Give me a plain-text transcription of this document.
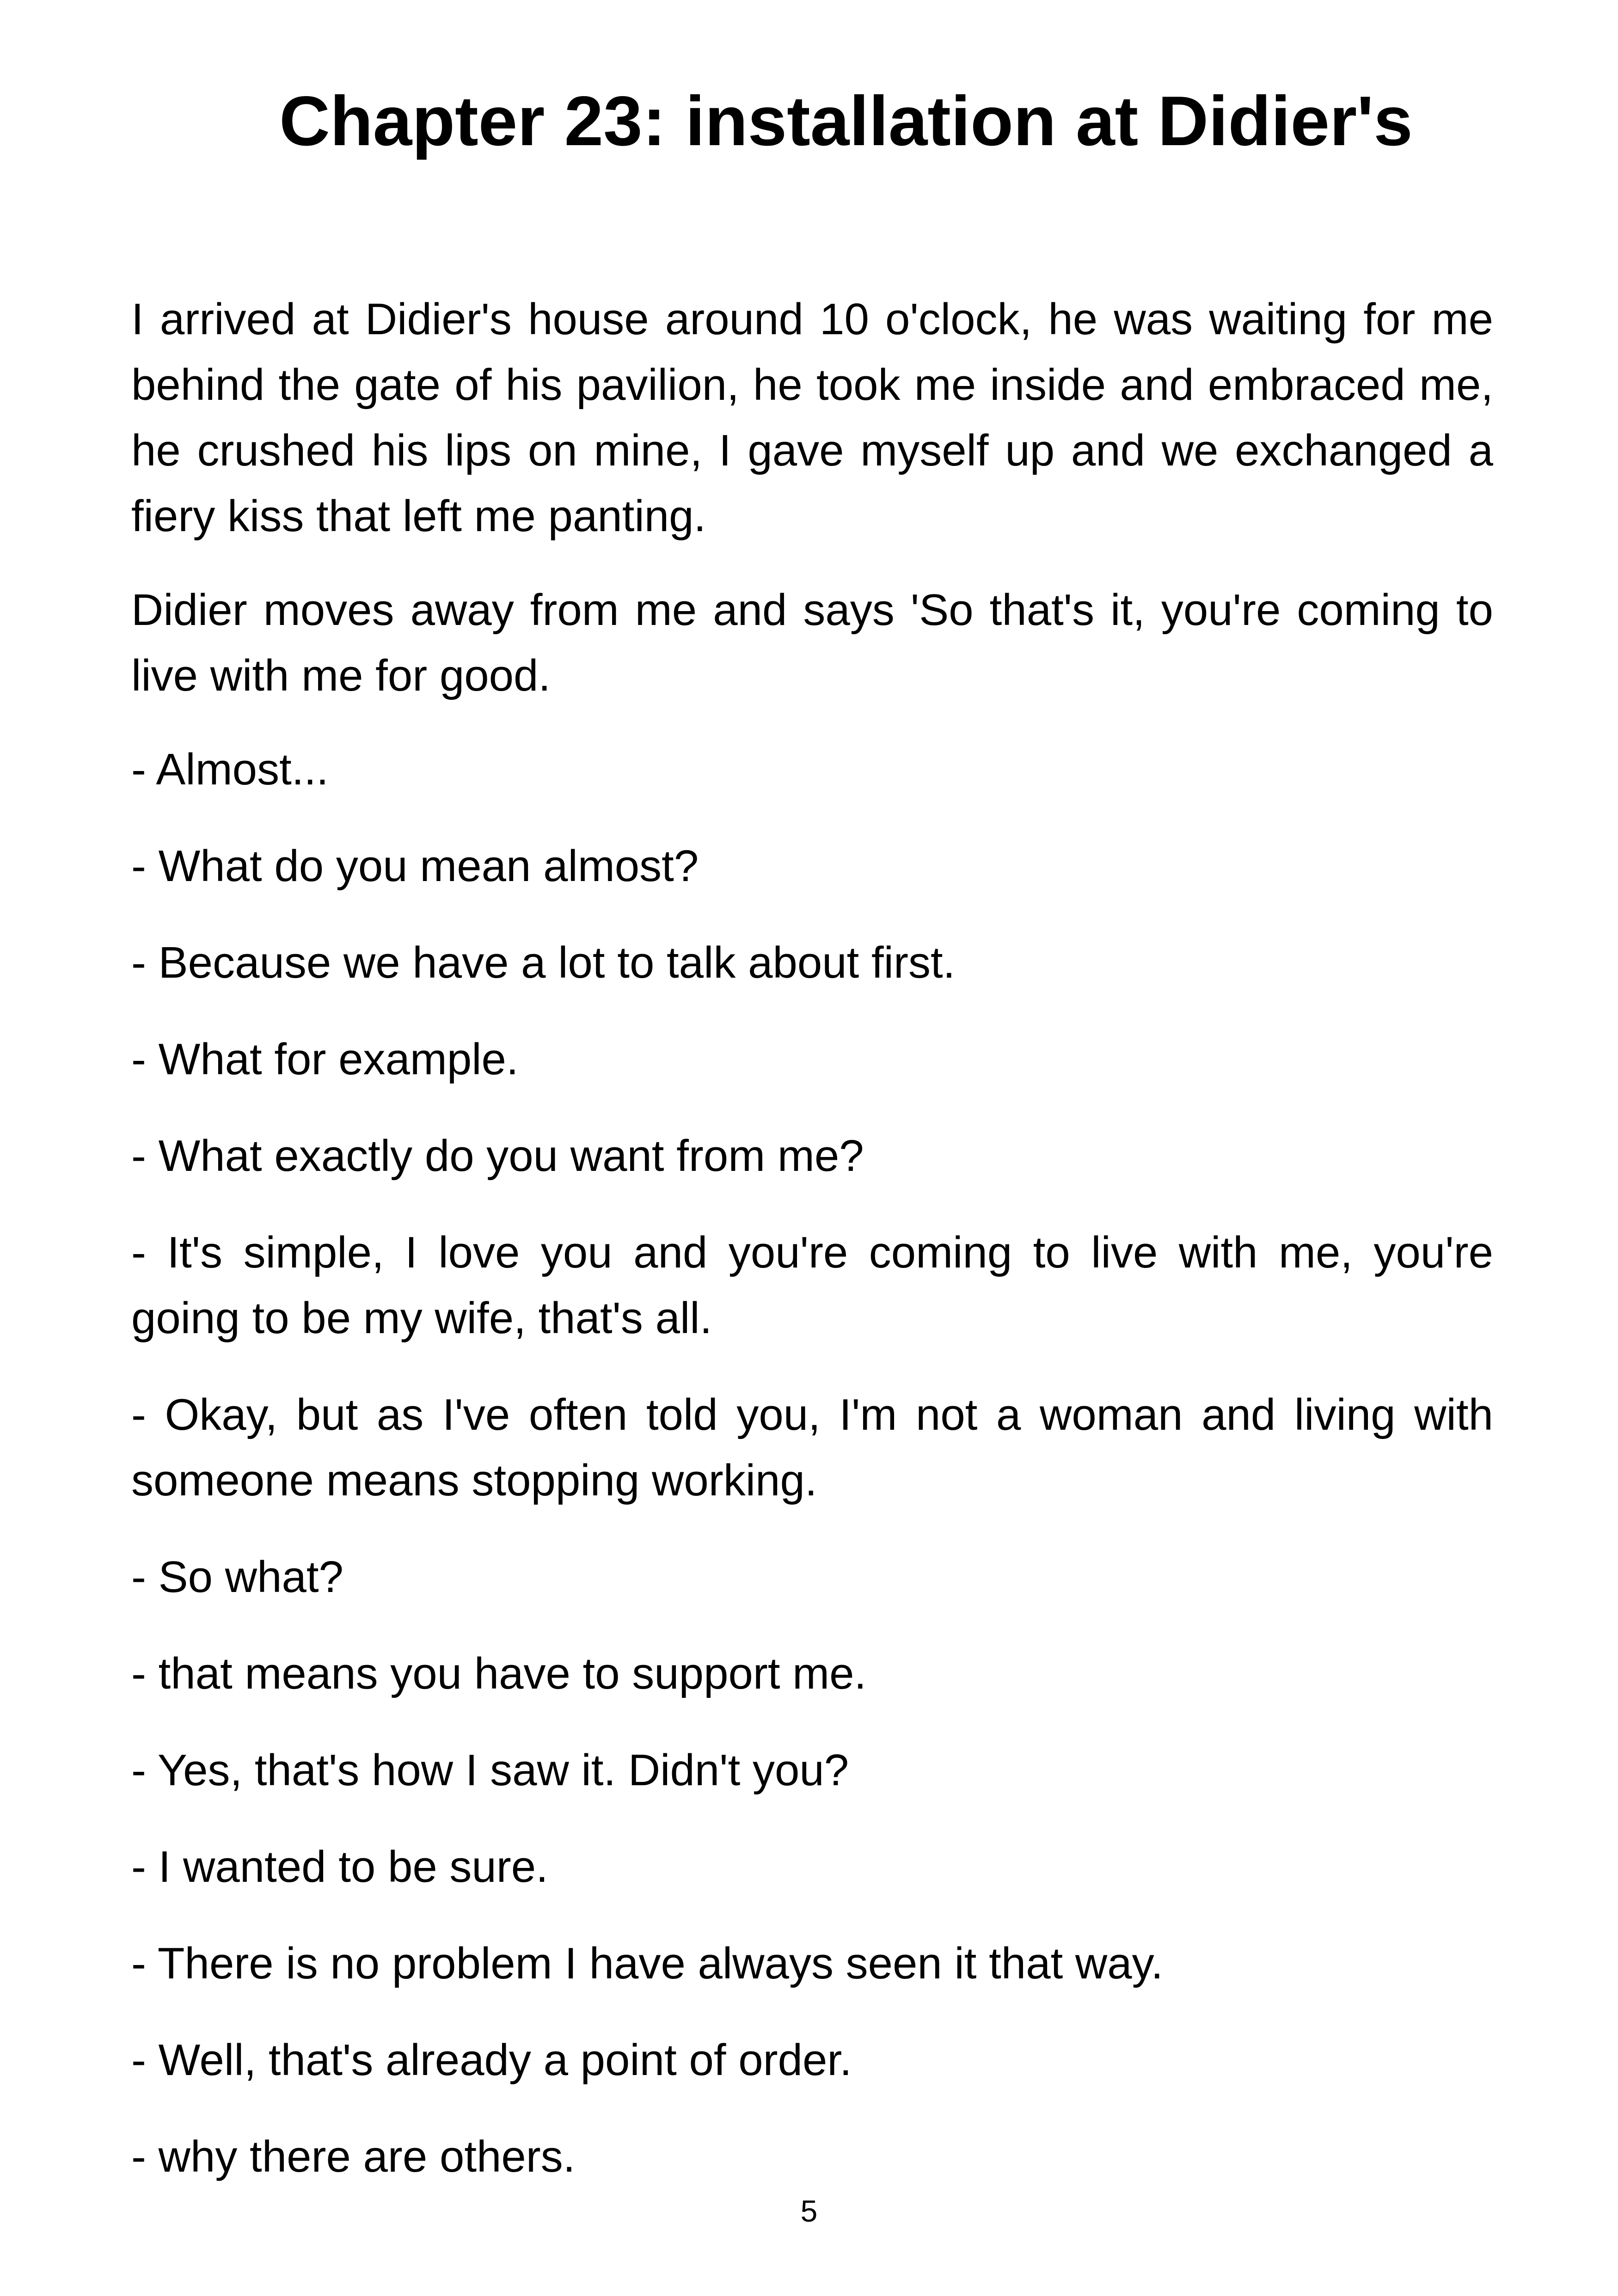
Chapter 23: installation at Didier's

I arrived at Didier's house around 10 o'clock, he was waiting for me behind the gate of his pavilion, he took me inside and embraced me, he crushed his lips on mine, I gave myself up and we exchanged a fiery kiss that left me panting.

Didier moves away from me and says 'So that's it, you're coming to live with me for good.

- Almost...

- What do you mean almost?

- Because we have a lot to talk about first.

- What for example.

- What exactly do you want from me?

- It's simple, I love you and you're coming to live with me, you're going to be my wife, that's all.

- Okay, but as I've often told you, I'm not a woman and living with someone means stopping working.

- So what?

- that means you have to support me.

- Yes, that's how I saw it. Didn't you?

- I wanted to be sure.

- There is no problem I have always seen it that way.

- Well, that's already a point of order.

- why there are others.

5
